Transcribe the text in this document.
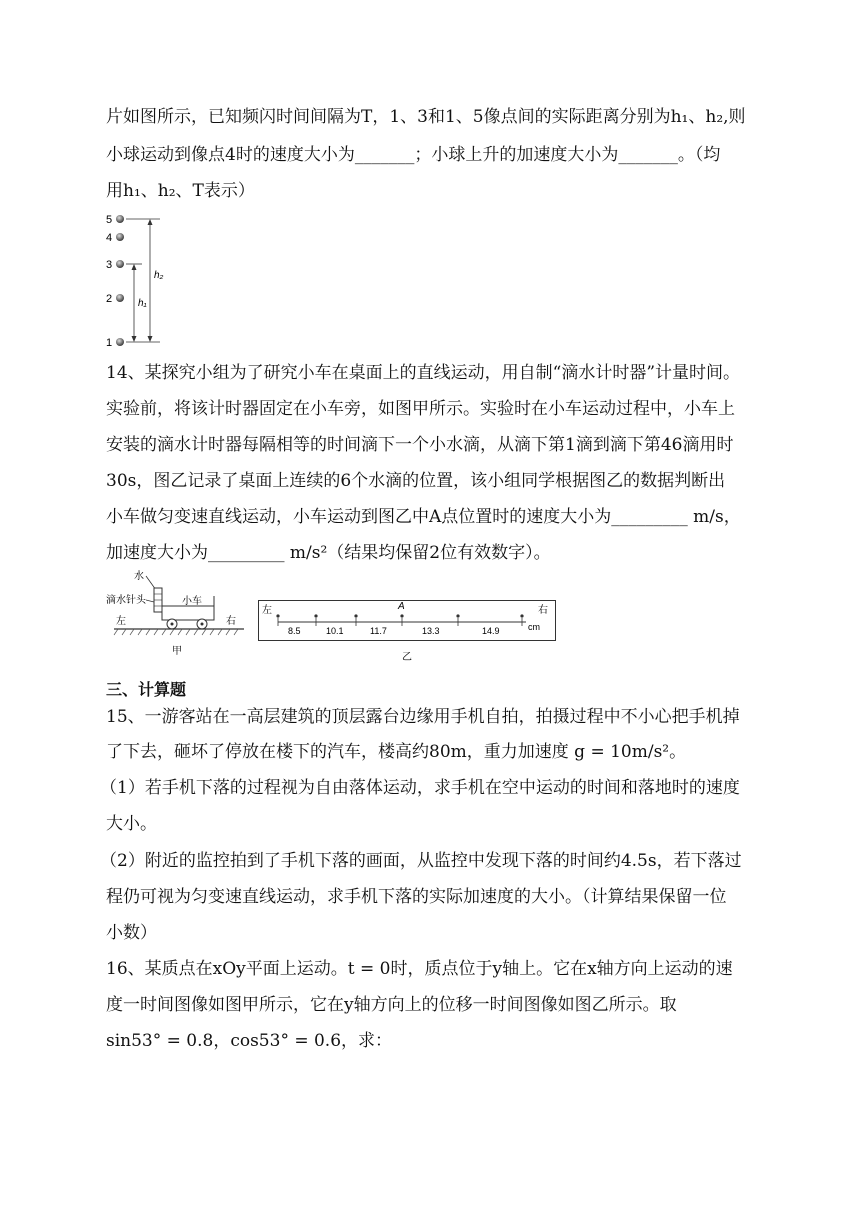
片如图所示，已知频闪时间间隔为T，1、3和1、5像点间的实际距离分别为h₁、h₂,则
小球运动到像点4时的速度大小为_______；小球上升的加速度大小为_______。（均
用h₁、h₂、T表示）
5
4
3
2
1
h₁
h₂
14、某探究小组为了研究小车在桌面上的直线运动，用自制“滴水计时器”计量时间。
实验前，将该计时器固定在小车旁，如图甲所示。实验时在小车运动过程中，小车上
安装的滴水计时器每隔相等的时间滴下一个小水滴，从滴下第1滴到滴下第46滴用时
30s，图乙记录了桌面上连续的6个水滴的位置，该小组同学根据图乙的数据判断出
小车做匀变速直线运动，小车运动到图乙中A点位置时的速度大小为_________ m/s，
加速度大小为_________ m/s²（结果均保留2位有效数字）。
水
滴水针头	小车
左	右
甲
左	右
A
8.5	10.1	11.7	13.3	14.9	cm
乙
三、计算题
15、一游客站在一高层建筑的顶层露台边缘用手机自拍，拍摄过程中不小心把手机掉
了下去，砸坏了停放在楼下的汽车，楼高约80m，重力加速度 g = 10m/s²。
（1）若手机下落的过程视为自由落体运动，求手机在空中运动的时间和落地时的速度
大小。
（2）附近的监控拍到了手机下落的画面，从监控中发现下落的时间约4.5s，若下落过
程仍可视为匀变速直线运动，求手机下落的实际加速度的大小。（计算结果保留一位
小数）
16、某质点在xOy平面上运动。t = 0时，质点位于y轴上。它在x轴方向上运动的速
度一时间图像如图甲所示，它在y轴方向上的位移一时间图像如图乙所示。取
sin53° = 0.8，cos53° = 0.6，求：
